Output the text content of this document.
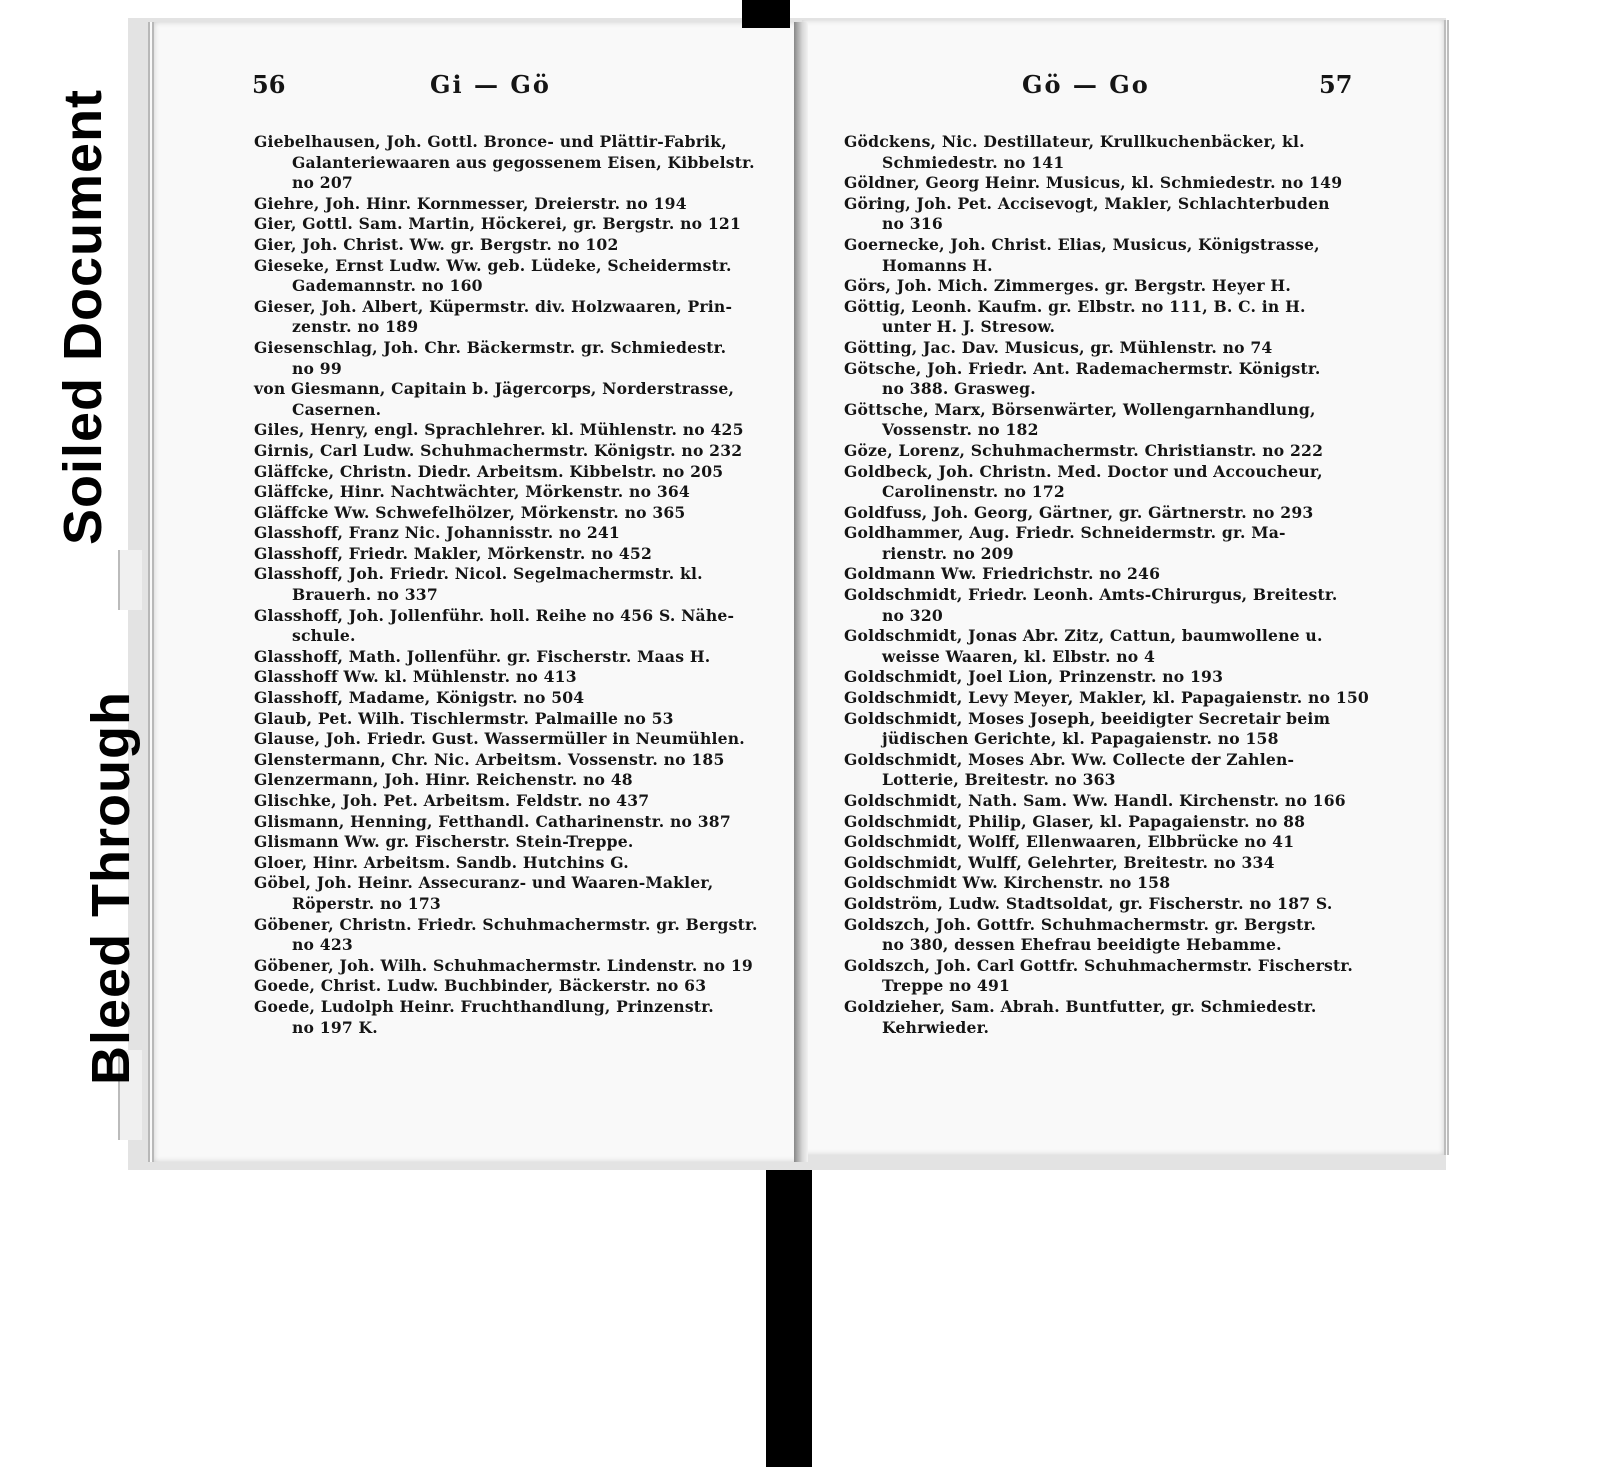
Soiled Document
Bleed Through
56	Gi — Gö	Gö — Go	57
Giebelhausen, Joh. Gottl. Bronce- und Plättir-Fabrik,
Galanteriewaaren aus gegossenem Eisen, Kibbelstr.
no 207
Giehre, Joh. Hinr. Kornmesser, Dreierstr. no 194
Gier, Gottl. Sam. Martin, Höckerei, gr. Bergstr. no 121
Gier, Joh. Christ. Ww. gr. Bergstr. no 102
Gieseke, Ernst Ludw. Ww. geb. Lüdeke, Scheidermstr.
Gademannstr. no 160
Gieser, Joh. Albert, Küpermstr. div. Holzwaaren, Prin-
zenstr. no 189
Giesenschlag, Joh. Chr. Bäckermstr. gr. Schmiedestr.
no 99
von Giesmann, Capitain b. Jägercorps, Norderstrasse,
Casernen.
Giles, Henry, engl. Sprachlehrer. kl. Mühlenstr. no 425
Girnis, Carl Ludw. Schuhmachermstr. Königstr. no 232
Gläffcke, Christn. Diedr. Arbeitsm. Kibbelstr. no 205
Gläffcke, Hinr. Nachtwächter, Mörkenstr. no 364
Gläffcke Ww. Schwefelhölzer, Mörkenstr. no 365
Glasshoff, Franz Nic. Johannisstr. no 241
Glasshoff, Friedr. Makler, Mörkenstr. no 452
Glasshoff, Joh. Friedr. Nicol. Segelmachermstr. kl.
Brauerh. no 337
Glasshoff, Joh. Jollenführ. holl. Reihe no 456 S. Nähe-
schule.
Glasshoff, Math. Jollenführ. gr. Fischerstr. Maas H.
Glasshoff Ww. kl. Mühlenstr. no 413
Glasshoff, Madame, Königstr. no 504
Glaub, Pet. Wilh. Tischlermstr. Palmaille no 53
Glause, Joh. Friedr. Gust. Wassermüller in Neumühlen.
Glenstermann, Chr. Nic. Arbeitsm. Vossenstr. no 185
Glenzermann, Joh. Hinr. Reichenstr. no 48
Glischke, Joh. Pet. Arbeitsm. Feldstr. no 437
Glismann, Henning, Fetthandl. Catharinenstr. no 387
Glismann Ww. gr. Fischerstr. Stein-Treppe.
Gloer, Hinr. Arbeitsm. Sandb. Hutchins G.
Göbel, Joh. Heinr. Assecuranz- und Waaren-Makler,
Röperstr. no 173
Göbener, Christn. Friedr. Schuhmachermstr. gr. Bergstr.
no 423
Göbener, Joh. Wilh. Schuhmachermstr. Lindenstr. no 19
Goede, Christ. Ludw. Buchbinder, Bäckerstr. no 63
Goede, Ludolph Heinr. Fruchthandlung, Prinzenstr.
no 197 K.
Gödckens, Nic. Destillateur, Krullkuchenbäcker, kl.
Schmiedestr. no 141
Göldner, Georg Heinr. Musicus, kl. Schmiedestr. no 149
Göring, Joh. Pet. Accisevogt, Makler, Schlachterbuden
no 316
Goernecke, Joh. Christ. Elias, Musicus, Königstrasse,
Homanns H.
Görs, Joh. Mich. Zimmerges. gr. Bergstr. Heyer H.
Göttig, Leonh. Kaufm. gr. Elbstr. no 111, B. C. in H.
unter H. J. Stresow.
Götting, Jac. Dav. Musicus, gr. Mühlenstr. no 74
Götsche, Joh. Friedr. Ant. Rademachermstr. Königstr.
no 388. Grasweg.
Göttsche, Marx, Börsenwärter, Wollengarnhandlung,
Vossenstr. no 182
Göze, Lorenz, Schuhmachermstr. Christianstr. no 222
Goldbeck, Joh. Christn. Med. Doctor und Accoucheur,
Carolinenstr. no 172
Goldfuss, Joh. Georg, Gärtner, gr. Gärtnerstr. no 293
Goldhammer, Aug. Friedr. Schneidermstr. gr. Ma-
rienstr. no 209
Goldmann Ww. Friedrichstr. no 246
Goldschmidt, Friedr. Leonh. Amts-Chirurgus, Breitestr.
no 320
Goldschmidt, Jonas Abr. Zitz, Cattun, baumwollene u.
weisse Waaren, kl. Elbstr. no 4
Goldschmidt, Joel Lion, Prinzenstr. no 193
Goldschmidt, Levy Meyer, Makler, kl. Papagaienstr. no 150
Goldschmidt, Moses Joseph, beeidigter Secretair beim
jüdischen Gerichte, kl. Papagaienstr. no 158
Goldschmidt, Moses Abr. Ww. Collecte der Zahlen-
Lotterie, Breitestr. no 363
Goldschmidt, Nath. Sam. Ww. Handl. Kirchenstr. no 166
Goldschmidt, Philip, Glaser, kl. Papagaienstr. no 88
Goldschmidt, Wolff, Ellenwaaren, Elbbrücke no 41
Goldschmidt, Wulff, Gelehrter, Breitestr. no 334
Goldschmidt Ww. Kirchenstr. no 158
Goldström, Ludw. Stadtsoldat, gr. Fischerstr. no 187 S.
Goldszch, Joh. Gottfr. Schuhmachermstr. gr. Bergstr.
no 380, dessen Ehefrau beeidigte Hebamme.
Goldszch, Joh. Carl Gottfr. Schuhmachermstr. Fischerstr.
Treppe no 491
Goldzieher, Sam. Abrah. Buntfutter, gr. Schmiedestr.
Kehrwieder.
